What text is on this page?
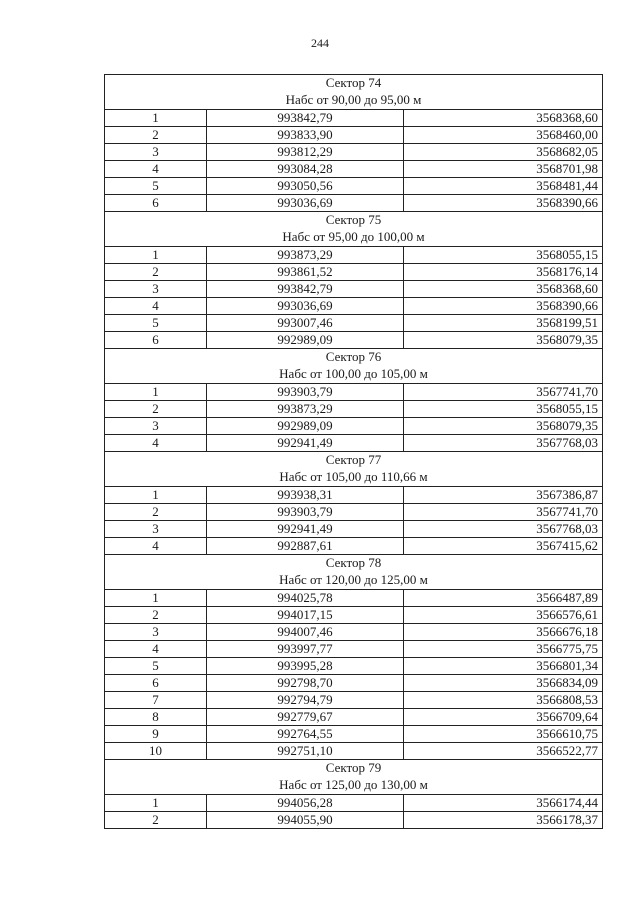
244
Сектор 74
Набс от 90,00 до 95,00 м		

1	993842,79	3568368,60
2	993833,90	3568460,00
3	993812,29	3568682,05
4	993084,28	3568701,98
5	993050,56	3568481,44
6	993036,69	3568390,66

Сектор 75
Набс от 95,00 до 100,00 м		

1	993873,29	3568055,15
2	993861,52	3568176,14
3	993842,79	3568368,60
4	993036,69	3568390,66
5	993007,46	3568199,51
6	992989,09	3568079,35

Сектор 76
Набс от 100,00 до 105,00 м		

1	993903,79	3567741,70
2	993873,29	3568055,15
3	992989,09	3568079,35
4	992941,49	3567768,03

Сектор 77
Набс от 105,00 до 110,66 м		

1	993938,31	3567386,87
2	993903,79	3567741,70
3	992941,49	3567768,03
4	992887,61	3567415,62

Сектор 78
Набс от 120,00 до 125,00 м		

1	994025,78	3566487,89
2	994017,15	3566576,61
3	994007,46	3566676,18
4	993997,77	3566775,75
5	993995,28	3566801,34
6	992798,70	3566834,09
7	992794,79	3566808,53
8	992779,67	3566709,64
9	992764,55	3566610,75
10	992751,10	3566522,77

Сектор 79
Набс от 125,00 до 130,00 м		

1	994056,28	3566174,44
2	994055,90	3566178,37
